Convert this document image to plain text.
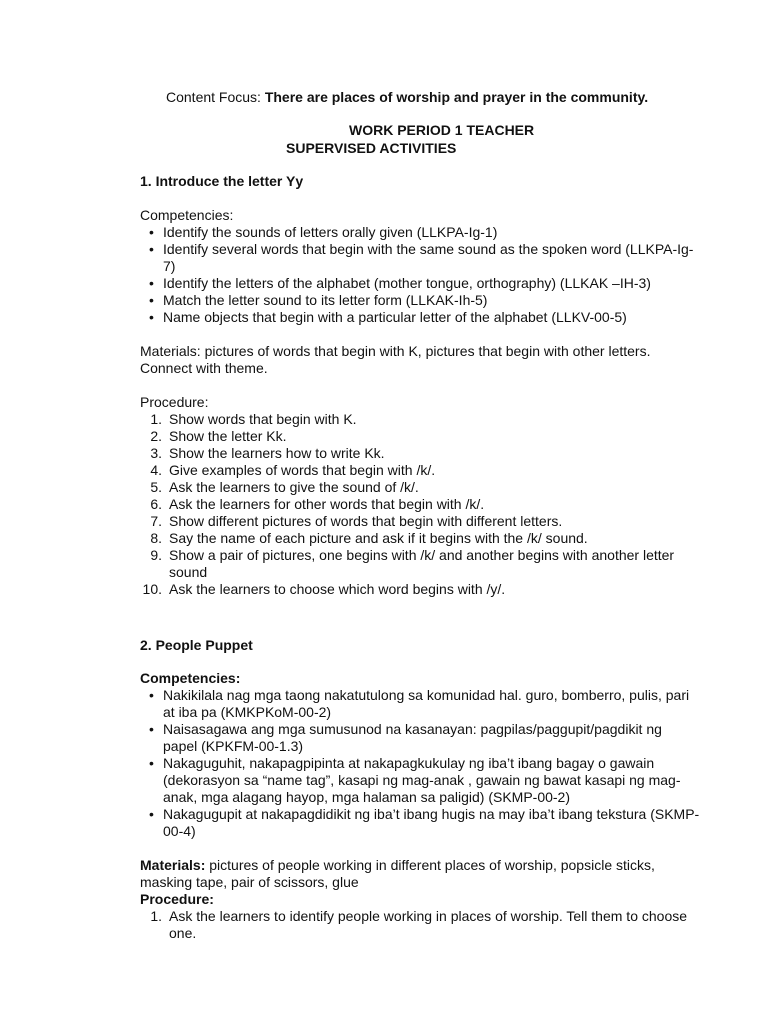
Content Focus: There are places of worship and prayer in the community.
WORK PERIOD 1 TEACHER
SUPERVISED ACTIVITIES

1. Introduce the letter Yy

Competencies:

• Identify the sounds of letters orally given (LLKPA-Ig-1)
• Identify several words that begin with the same sound as the spoken word (LLKPA-Ig-7)
• Identify the letters of the alphabet (mother tongue, orthography) (LLKAK –IH-3)
• Match the letter sound to its letter form (LLKAK-Ih-5)
• Name objects that begin with a particular letter of the alphabet (LLKV-00-5)

Materials: pictures of words that begin with K, pictures that begin with other letters. Connect with theme.

Procedure:

1. Show words that begin with K.
2. Show the letter Kk.
3. Show the learners how to write Kk.
4. Give examples of words that begin with /k/.
5. Ask the learners to give the sound of /k/.
6. Ask the learners for other words that begin with /k/.
7. Show different pictures of words that begin with different letters.
8. Say the name of each picture and ask if it begins with the /k/ sound.
9. Show a pair of pictures, one begins with /k/ and another begins with another letter sound
10. Ask the learners to choose which word begins with /y/.

2. People Puppet

Competencies:

• Nakikilala nag mga taong nakatutulong sa komunidad hal. guro, bomberro, pulis, pari at iba pa (KMKPKoM-00-2)
• Naisasagawa ang mga sumusunod na kasanayan: pagpilas/paggupit/pagdikit ng papel (KPKFM-00-1.3)
• Nakaguguhit, nakapagpipinta at nakapagkukulay ng iba’t ibang bagay o gawain (dekorasyon sa “name tag”, kasapi ng mag-anak , gawain ng bawat kasapi ng mag-anak, mga alagang hayop, mga halaman sa paligid) (SKMP-00-2)
• Nakagugupit at nakapagdidikit ng iba’t ibang hugis na may iba’t ibang tekstura (SKMP-00-4)

Materials: pictures of people working in different places of worship, popsicle sticks, masking tape, pair of scissors, glue

Procedure:

1. Ask the learners to identify people working in places of worship. Tell them to choose one.
